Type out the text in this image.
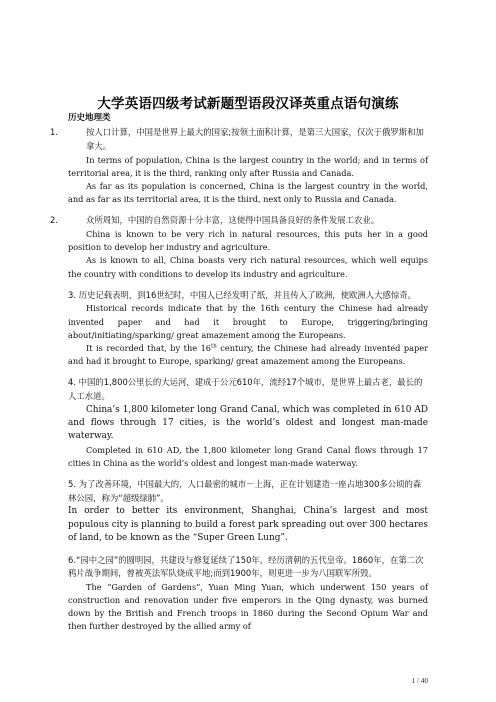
大学英语四级考试新题型语段汉译英重点语句演练
历史地理类
1.	按人口计算，中国是世界上最大的国家;按领土面积计算，是第三大国家，仅次于俄罗斯和加拿大。
In terms of population, China is the largest country in the world; and in terms of territorial area, it is the third, ranking only after Russia and Canada.
As far as its population is concerned, China is the largest country in the world, and as far as its territorial area, it is the third, next only to Russia and Canada.
2.	众所周知，中国的自然资源十分丰富，这使得中国具备良好的条件发展工农业。
China is known to be very rich in natural resources, this puts her in a good position to develop her industry and agriculture.
As is known to all, China boasts very rich natural resources, which well equips the country with conditions to develop its industry and agriculture.
3. 历史记载表明，到16世纪时，中国人已经发明了纸，并且传入了欧洲，使欧洲人大感惊奇。
Historical records indicate that by the 16th century the Chinese had already invented paper and had it brought to Europe, triggering/bringing about/initiating/sparking/ great amazement among the Europeans.
It is recorded that, by the 16th century, the Chinese had already invented paper and had it brought to Europe, sparking/ great amazement among the Europeans.
4. 中国的1,800公里长的大运河，建成于公元610年，流经17个城市，是世界上最古老，最长的人工水道。
China’s 1,800 kilometer long Grand Canal, which was completed in 610 AD and flows through 17 cities, is the world’s oldest and longest man-made waterway.
Completed in 610 AD, the 1,800 kilometer long Grand Canal flows through 17 cities in China as the world’s oldest and longest man-made waterway.
5. 为了改善环境，中国最大的，人口最密的城市－上海，正在计划建造一座占地300多公顷的森林公园，称为“超级绿肺”。
In order to better its environment, Shanghai, China’s largest and most populous city is planning to build a forest park spreading out over 300 hectares of land, to be known as the “Super Green Lung”.
6.“园中之园”的圆明园，共建设与修复延续了150年，经历清朝的五代皇帝。1860年，在第二次鸦片战争期间，曾被英法军队烧成平地;而到1900年，则更进一步为八国联军所毁。
The “Garden of Gardens”, Yuan Ming Yuan, which underwent 150 years of construction and renovation under five emperors in the Qing dynasty, was burned down by the British and French troops in 1860 during the Second Opium War and then further destroyed by the allied army of
1 / 40
